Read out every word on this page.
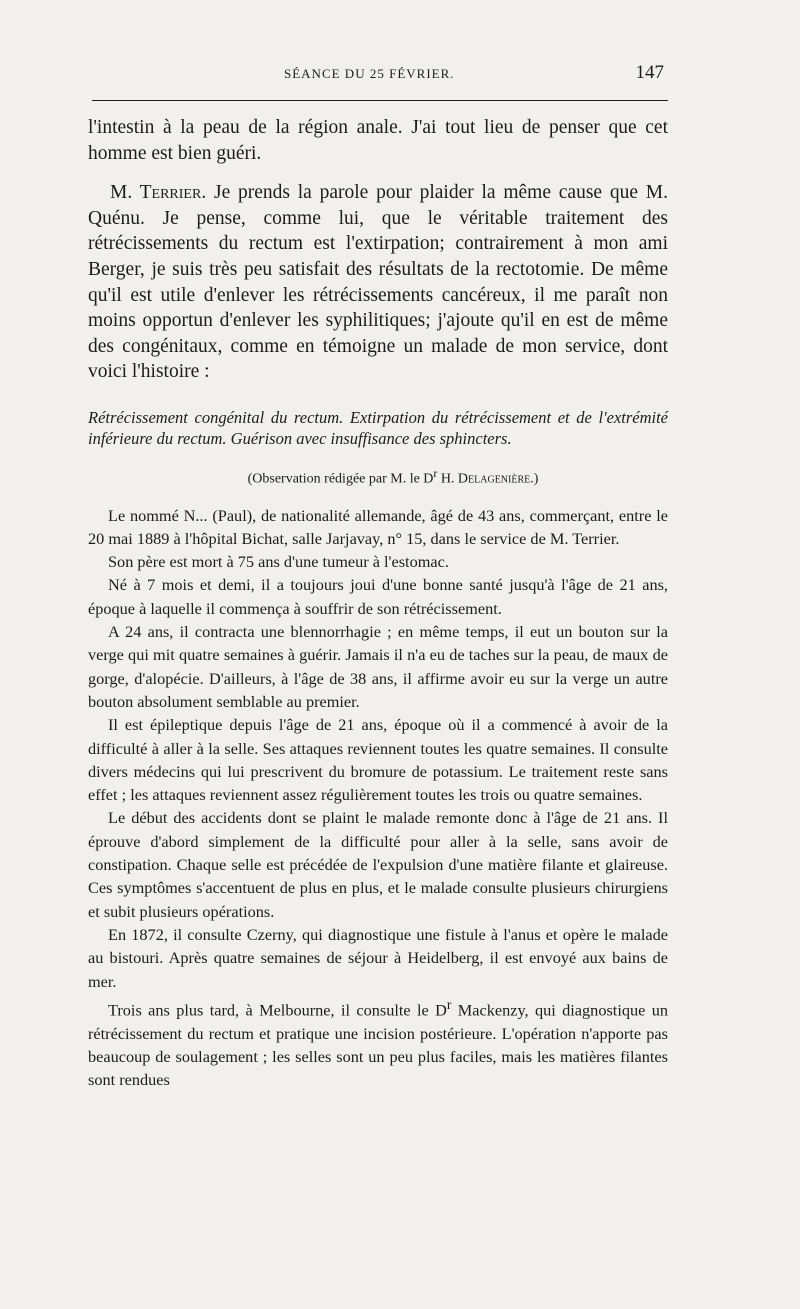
SÉANCE DU 25 FÉVRIER.	147

l'intestin à la peau de la région anale. J'ai tout lieu de penser que cet homme est bien guéri.

M. Terrier. Je prends la parole pour plaider la même cause que M. Quénu. Je pense, comme lui, que le véritable traitement des rétrécissements du rectum est l'extirpation; contrairement à mon ami Berger, je suis très peu satisfait des résultats de la rectotomie. De même qu'il est utile d'enlever les rétrécissements cancéreux, il me paraît non moins opportun d'enlever les syphilitiques; j'ajoute qu'il en est de même des congénitaux, comme en témoigne un malade de mon service, dont voici l'histoire :

Rétrécissement congénital du rectum. Extirpation du rétrécissement et de l'extrémité inférieure du rectum. Guérison avec insuffisance des sphincters.

(Observation rédigée par M. le $D^r$ H. Delagenière.)

Le nommé N... (Paul), de nationalité allemande, âgé de 43 ans, commerçant, entre le 20 mai 1889 à l'hôpital Bichat, salle Jarjavay, n° 15, dans le service de M. Terrier.

Son père est mort à 75 ans d'une tumeur à l'estomac.

Né à 7 mois et demi, il a toujours joui d'une bonne santé jusqu'à l'âge de 21 ans, époque à laquelle il commença à souffrir de son rétrécissement.

A 24 ans, il contracta une blennorrhagie ; en même temps, il eut un bouton sur la verge qui mit quatre semaines à guérir. Jamais il n'a eu de taches sur la peau, de maux de gorge, d'alopécie. D'ailleurs, à l'âge de 38 ans, il affirme avoir eu sur la verge un autre bouton absolument semblable au premier.

Il est épileptique depuis l'âge de 21 ans, époque où il a commencé à avoir de la difficulté à aller à la selle. Ses attaques reviennent toutes les quatre semaines. Il consulte divers médecins qui lui prescrivent du bromure de potassium. Le traitement reste sans effet ; les attaques reviennent assez régulièrement toutes les trois ou quatre semaines.

Le début des accidents dont se plaint le malade remonte donc à l'âge de 21 ans. Il éprouve d'abord simplement de la difficulté pour aller à la selle, sans avoir de constipation. Chaque selle est précédée de l'expulsion d'une matière filante et glaireuse. Ces symptômes s'accentuent de plus en plus, et le malade consulte plusieurs chirurgiens et subit plusieurs opérations.

En 1872, il consulte Czerny, qui diagnostique une fistule à l'anus et opère le malade au bistouri. Après quatre semaines de séjour à Heidelberg, il est envoyé aux bains de mer.

Trois ans plus tard, à Melbourne, il consulte le $D^r$ Mackenzy, qui diagnostique un rétrécissement du rectum et pratique une incision postérieure. L'opération n'apporte pas beaucoup de soulagement ; les selles sont un peu plus faciles, mais les matières filantes sont rendues
